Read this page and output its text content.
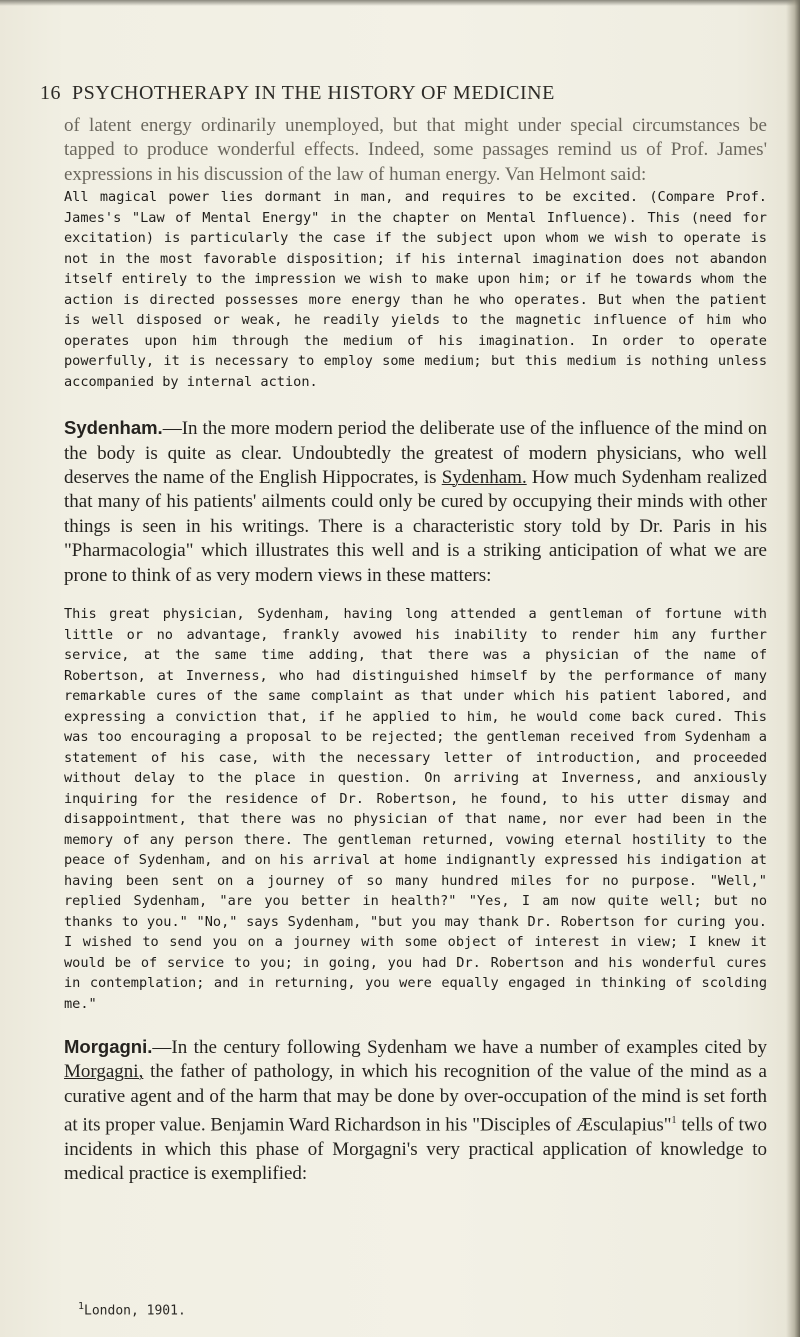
16 PSYCHOTHERAPY IN THE HISTORY OF MEDICINE

of latent energy ordinarily unemployed, but that might under special circumstances be tapped to produce wonderful effects. Indeed, some passages remind us of Prof. James' expressions in his discussion of the law of human energy. Van Helmont said:

All magical power lies dormant in man, and requires to be excited. (Compare Prof. James's "Law of Mental Energy" in the chapter on Mental Influence). This (need for excitation) is particularly the case if the subject upon whom we wish to operate is not in the most favorable disposition; if his internal imagination does not abandon itself entirely to the impression we wish to make upon him; or if he towards whom the action is directed possesses more energy than he who operates. But when the patient is well disposed or weak, he readily yields to the magnetic influence of him who operates upon him through the medium of his imagination. In order to operate powerfully, it is necessary to employ some medium; but this medium is nothing unless accompanied by internal action.

Sydenham.—In the more modern period the deliberate use of the influence of the mind on the body is quite as clear. Undoubtedly the greatest of modern physicians, who well deserves the name of the English Hippocrates, is Sydenham. How much Sydenham realized that many of his patients' ailments could only be cured by occupying their minds with other things is seen in his writings. There is a characteristic story told by Dr. Paris in his "Pharmacologia" which illustrates this well and is a striking anticipation of what we are prone to think of as very modern views in these matters:

This great physician, Sydenham, having long attended a gentleman of fortune with little or no advantage, frankly avowed his inability to render him any further service, at the same time adding, that there was a physician of the name of Robertson, at Inverness, who had distinguished himself by the performance of many remarkable cures of the same complaint as that under which his patient labored, and expressing a conviction that, if he applied to him, he would come back cured. This was too encouraging a proposal to be rejected; the gentleman received from Sydenham a statement of his case, with the necessary letter of introduction, and proceeded without delay to the place in question. On arriving at Inverness, and anxiously inquiring for the residence of Dr. Robertson, he found, to his utter dismay and disappointment, that there was no physician of that name, nor ever had been in the memory of any person there. The gentleman returned, vowing eternal hostility to the peace of Sydenham, and on his arrival at home indignantly expressed his indigation at having been sent on a journey of so many hundred miles for no purpose. "Well," replied Sydenham, "are you better in health?" "Yes, I am now quite well; but no thanks to you." "No," says Sydenham, "but you may thank Dr. Robertson for curing you. I wished to send you on a journey with some object of interest in view; I knew it would be of service to you; in going, you had Dr. Robertson and his wonderful cures in contemplation; and in returning, you were equally engaged in thinking of scolding me."

Morgagni.—In the century following Sydenham we have a number of examples cited by Morgagni, the father of pathology, in which his recognition of the value of the mind as a curative agent and of the harm that may be done by over-occupation of the mind is set forth at its proper value. Benjamin Ward Richardson in his "Disciples of Æsculapius"$^1$ tells of two incidents in which this phase of Morgagni's very practical application of knowledge to medical practice is exemplified:

$^1$London, 1901.
